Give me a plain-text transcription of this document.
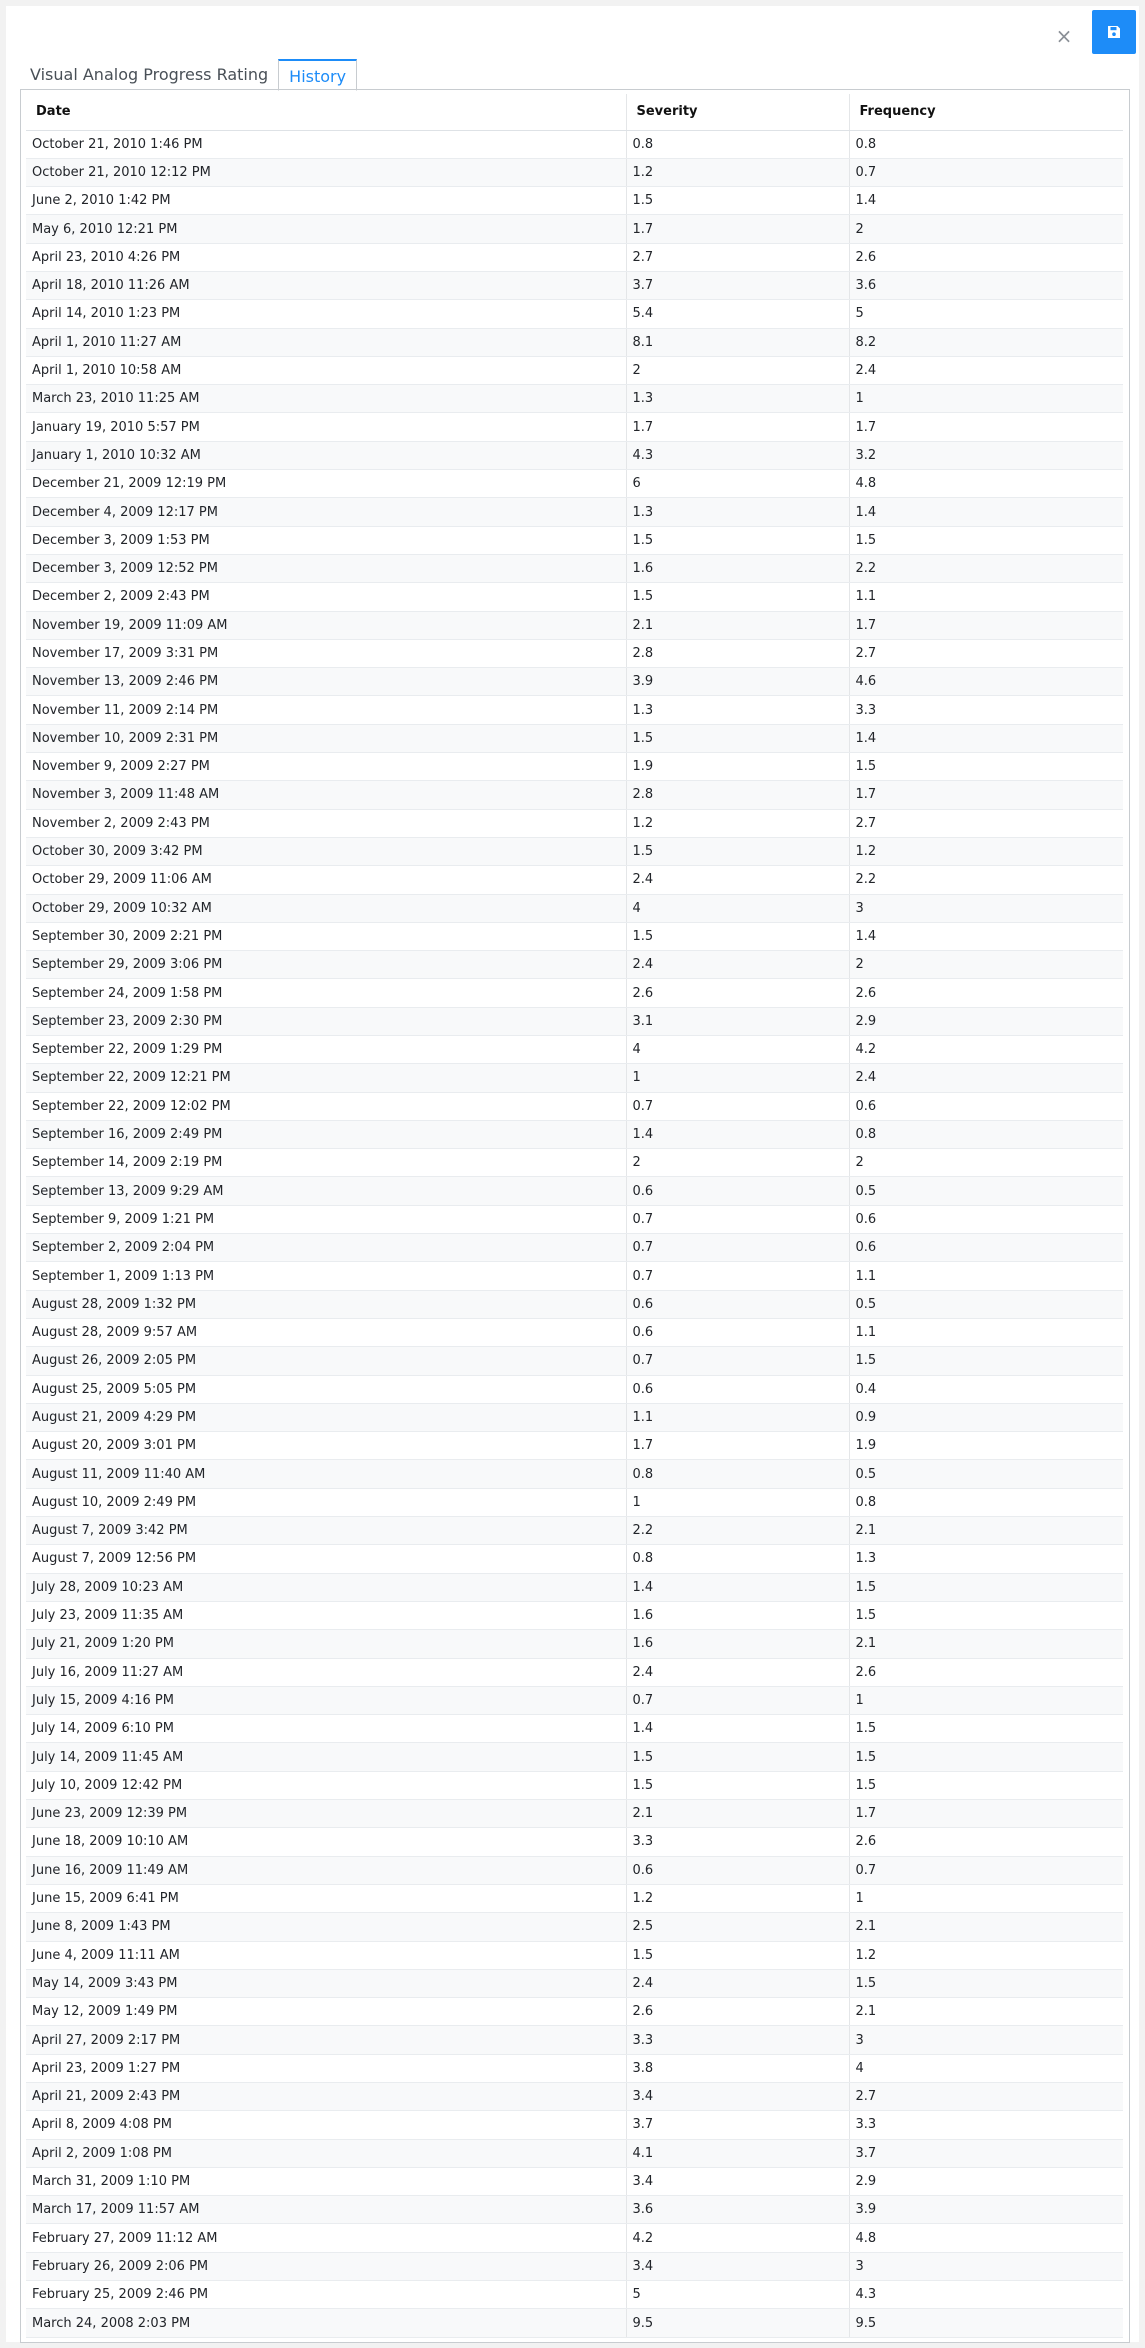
×
Visual Analog Progress Rating	History
Date	Severity	Frequency
October 21, 2010 1:46 PM	0.8	0.8
October 21, 2010 12:12 PM	1.2	0.7
June 2, 2010 1:42 PM	1.5	1.4
May 6, 2010 12:21 PM	1.7	2
April 23, 2010 4:26 PM	2.7	2.6
April 18, 2010 11:26 AM	3.7	3.6
April 14, 2010 1:23 PM	5.4	5
April 1, 2010 11:27 AM	8.1	8.2
April 1, 2010 10:58 AM	2	2.4
March 23, 2010 11:25 AM	1.3	1
January 19, 2010 5:57 PM	1.7	1.7
January 1, 2010 10:32 AM	4.3	3.2
December 21, 2009 12:19 PM	6	4.8
December 4, 2009 12:17 PM	1.3	1.4
December 3, 2009 1:53 PM	1.5	1.5
December 3, 2009 12:52 PM	1.6	2.2
December 2, 2009 2:43 PM	1.5	1.1
November 19, 2009 11:09 AM	2.1	1.7
November 17, 2009 3:31 PM	2.8	2.7
November 13, 2009 2:46 PM	3.9	4.6
November 11, 2009 2:14 PM	1.3	3.3
November 10, 2009 2:31 PM	1.5	1.4
November 9, 2009 2:27 PM	1.9	1.5
November 3, 2009 11:48 AM	2.8	1.7
November 2, 2009 2:43 PM	1.2	2.7
October 30, 2009 3:42 PM	1.5	1.2
October 29, 2009 11:06 AM	2.4	2.2
October 29, 2009 10:32 AM	4	3
September 30, 2009 2:21 PM	1.5	1.4
September 29, 2009 3:06 PM	2.4	2
September 24, 2009 1:58 PM	2.6	2.6
September 23, 2009 2:30 PM	3.1	2.9
September 22, 2009 1:29 PM	4	4.2
September 22, 2009 12:21 PM	1	2.4
September 22, 2009 12:02 PM	0.7	0.6
September 16, 2009 2:49 PM	1.4	0.8
September 14, 2009 2:19 PM	2	2
September 13, 2009 9:29 AM	0.6	0.5
September 9, 2009 1:21 PM	0.7	0.6
September 2, 2009 2:04 PM	0.7	0.6
September 1, 2009 1:13 PM	0.7	1.1
August 28, 2009 1:32 PM	0.6	0.5
August 28, 2009 9:57 AM	0.6	1.1
August 26, 2009 2:05 PM	0.7	1.5
August 25, 2009 5:05 PM	0.6	0.4
August 21, 2009 4:29 PM	1.1	0.9
August 20, 2009 3:01 PM	1.7	1.9
August 11, 2009 11:40 AM	0.8	0.5
August 10, 2009 2:49 PM	1	0.8
August 7, 2009 3:42 PM	2.2	2.1
August 7, 2009 12:56 PM	0.8	1.3
July 28, 2009 10:23 AM	1.4	1.5
July 23, 2009 11:35 AM	1.6	1.5
July 21, 2009 1:20 PM	1.6	2.1
July 16, 2009 11:27 AM	2.4	2.6
July 15, 2009 4:16 PM	0.7	1
July 14, 2009 6:10 PM	1.4	1.5
July 14, 2009 11:45 AM	1.5	1.5
July 10, 2009 12:42 PM	1.5	1.5
June 23, 2009 12:39 PM	2.1	1.7
June 18, 2009 10:10 AM	3.3	2.6
June 16, 2009 11:49 AM	0.6	0.7
June 15, 2009 6:41 PM	1.2	1
June 8, 2009 1:43 PM	2.5	2.1
June 4, 2009 11:11 AM	1.5	1.2
May 14, 2009 3:43 PM	2.4	1.5
May 12, 2009 1:49 PM	2.6	2.1
April 27, 2009 2:17 PM	3.3	3
April 23, 2009 1:27 PM	3.8	4
April 21, 2009 2:43 PM	3.4	2.7
April 8, 2009 4:08 PM	3.7	3.3
April 2, 2009 1:08 PM	4.1	3.7
March 31, 2009 1:10 PM	3.4	2.9
March 17, 2009 11:57 AM	3.6	3.9
February 27, 2009 11:12 AM	4.2	4.8
February 26, 2009 2:06 PM	3.4	3
February 25, 2009 2:46 PM	5	4.3
March 24, 2008 2:03 PM	9.5	9.5
